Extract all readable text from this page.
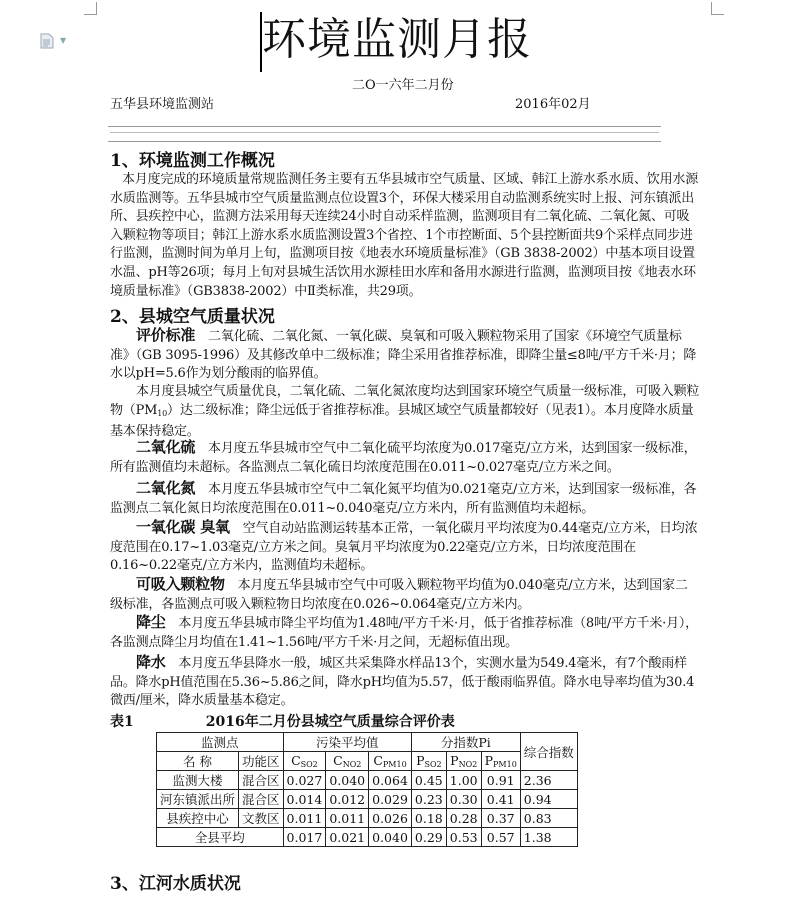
▼	环境监测月报
二O一六年二月份
五华县环境监测站	2016年02月
1、环境监测工作概况
本月度完成的环境质量常规监测任务主要有五华县城市空气质量、区域、韩江上游水系水质、饮用水源水质监测等。五华县城市空气质量监测点位设置3个，环保大楼采用自动监测系统实时上报、河东镇派出所、县疾控中心，监测方法采用每天连续24小时自动采样监测，监测项目有二氧化硫、二氧化氮、可吸入颗粒物等项目；韩江上游水系水质监测设置3个省控、1个市控断面、5个县控断面共9个采样点同步进行监测，监测时间为单月上旬，监测项目按《地表水环境质量标准》（GB 3838-2002）中基本项目设置水温、pH等26项；每月上旬对县城生活饮用水源桂田水库和备用水源进行监测，监测项目按《地表水环境质量标准》（GB3838-2002）中Ⅱ类标准，共29项。
2、县城空气质量状况
评价标准　 二氧化硫、二氧化氮、一氧化碳、臭氧和可吸入颗粒物采用了国家《环境空气质量标准》（GB 3095-1996）及其修改单中二级标准；降尘采用省推荐标准，即降尘量≤8吨/平方千米·月；降水以pH=5.6作为划分酸雨的临界值。
本月度县城空气质量优良，二氧化硫、二氧化氮浓度均达到国家环境空气质量一级标准，可吸入颗粒物$(PM_{10})$达二级标准；降尘远低于省推荐标准。县城区域空气质量都较好（见表1）。本月度降水质量基本保持稳定。
二氧化硫　 本月度五华县城市空气中二氧化硫平均浓度为0.017毫克/立方米，达到国家一级标准，所有监测值均未超标。各监测点二氧化硫日均浓度范围在0.011~0.027毫克/立方米之间。
二氧化氮　 本月度五华县城市空气中二氧化氮平均值为0.021毫克/立方米，达到国家一级标准，各监测点二氧化氮日均浓度范围在0.011~0.040毫克/立方米内，所有监测值均未超标。
一氧化碳 臭氧　 空气自动站监测运转基本正常，一氧化碳月平均浓度为0.44毫克/立方米，日均浓度范围在0.17~1.03毫克/立方米之间。臭氧月平均浓度为0.22毫克/立方米，日均浓度范围在0.16~0.22毫克/立方米内，监测值均未超标。
可吸入颗粒物　 本月度五华县城市空气中可吸入颗粒物平均值为0.040毫克/立方米，达到国家二级标准，各监测点可吸入颗粒物日均浓度在0.026~0.064毫克/立方米内。
降尘　 本月度五华县城市降尘平均值为1.48吨/平方千米·月，低于省推荐标准（8吨/平方千米·月），各监测点降尘月均值在1.41~1.56吨/平方千米·月之间，无超标值出现。
降水　 本月度五华县降水一般，城区共采集降水样品13个，实测水量为549.4毫米，有7个酸雨样品。降水pH值范围在5.36~5.86之间，降水pH均值为5.57，低于酸雨临界值。降水电导率均值为30.4微西/厘米，降水质量基本稳定。
表1	2016年二月份县城空气质量综合评价表
监测点		污染平均值			分指数Pi			综合指数
名 称	功能区	$C_{SO2}$	$C_{NO2}$	$C_{PM10}$	$P_{SO2}$	$P_{NO2}$	$P_{PM10}$
监测大楼	混合区	0.027	0.040	0.064	0.45	1.00	0.91	2.36
河东镇派出所	混合区	0.014	0.012	0.029	0.23	0.30	0.41	0.94
县疾控中心	文教区	0.011	0.011	0.026	0.18	0.28	0.37	0.83
全县平均		0.017	0.021	0.040	0.29	0.53	0.57	1.38
3、江河水质状况
